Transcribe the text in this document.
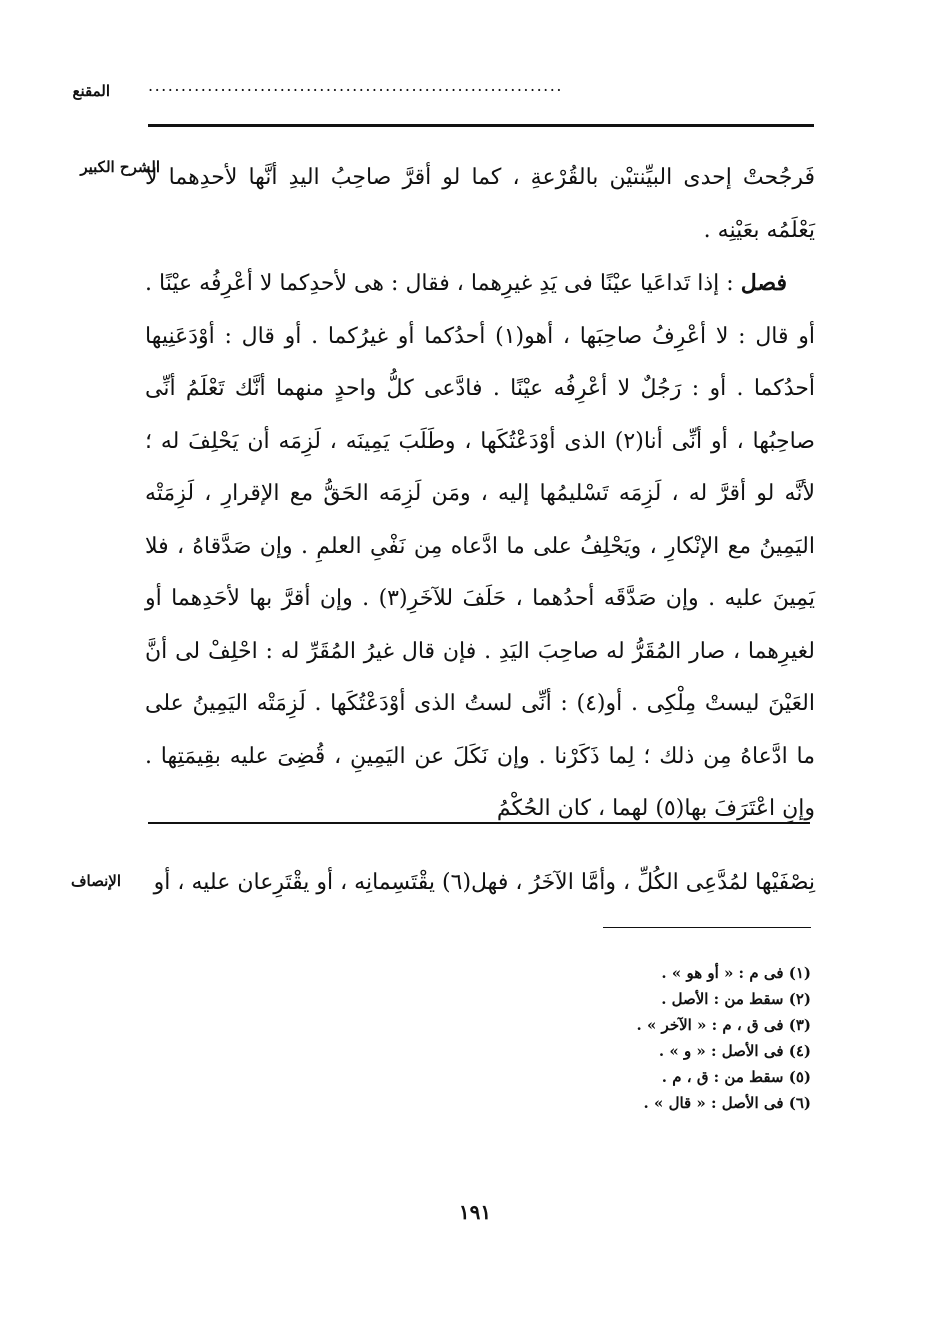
المقنع ...............................................................
الشرح الكبير

فَرجُحتْ إحدى البيِّنتيْن بالقُرْعةِ ، كما لو أقرَّ صاحِبُ اليدِ أنَّها لأحدِهما لا يَعْلَمُه بعَيْنِه .

فصل : إذا تَداعَيا عيْنًا فى يَدِ غيرِهما ، فقال : هى لأحدِكما لا أعْرِفُه عيْنًا . أو قال : لا أعْرِفُ صاحِبَها ، أهو(١) أحدُكما أو غيرُكما . أو قال : أوْدَعَنِيها أحدُكما . أو : رَجُلٌ لا أعْرِفُه عيْنًا . فادَّعى كلُّ واحدٍ منهما أنَّك تَعْلَمُ أنِّى صاحِبُها ، أو أنِّى أنا(٢) الذى أوْدَعْتُكَها ، وطَلَبَ يَمِينَه ، لَزِمَه أن يَحْلِفَ له ؛ لأنَّه لو أقرَّ له ، لَزِمَه تَسْليمُها إليه ، ومَن لَزِمَه الحَقُّ مع الإقرارِ ، لَزِمَتْه اليَمِينُ مع الإنْكارِ ، ويَحْلِفُ على ما ادَّعاه مِن نَفْىِ العلمِ . وإن صَدَّقاهُ ، فلا يَمِينَ عليه . وإن صَدَّقَه أحدُهما ، حَلَفَ للآخَرِ(٣) . وإن أقرَّ بها لأحَدِهما أو لغيرِهما ، صار المُقَرُّ له صاحِبَ اليَدِ . فإن قال غيرُ المُقَرِّ له : احْلِفْ لى أنَّ العَيْنَ ليستْ مِلْكِى . أو(٤) : أنِّى لستُ الذى أوْدَعْتُكَها . لَزِمَتْه اليَمِينُ على ما ادَّعاهُ مِن ذلك ؛ لِما ذَكَرْنا . وإن نَكَلَ عن اليَمِينِ ، قُضِىَ عليه بقِيمَتِها . وإنِ اعْتَرَفَ بها(٥) لهما ، كان الحُكْمُ

الإنصاف	نِصْفَيْها لمُدَّعِى الكُلِّ ، وأمَّا الآخَرُ ، فهل(٦) يقْتَسِمانِه ، أو يقْتَرِعان عليه ، أو
(١) فى م : « أو هو » .
(٢) سقط من : الأصل .
(٣) فى ق ، م : « الآخر » .
(٤) فى الأصل : « و » .
(٥) سقط من : ق ، م .
(٦) فى الأصل : « قال » .
١٩١
